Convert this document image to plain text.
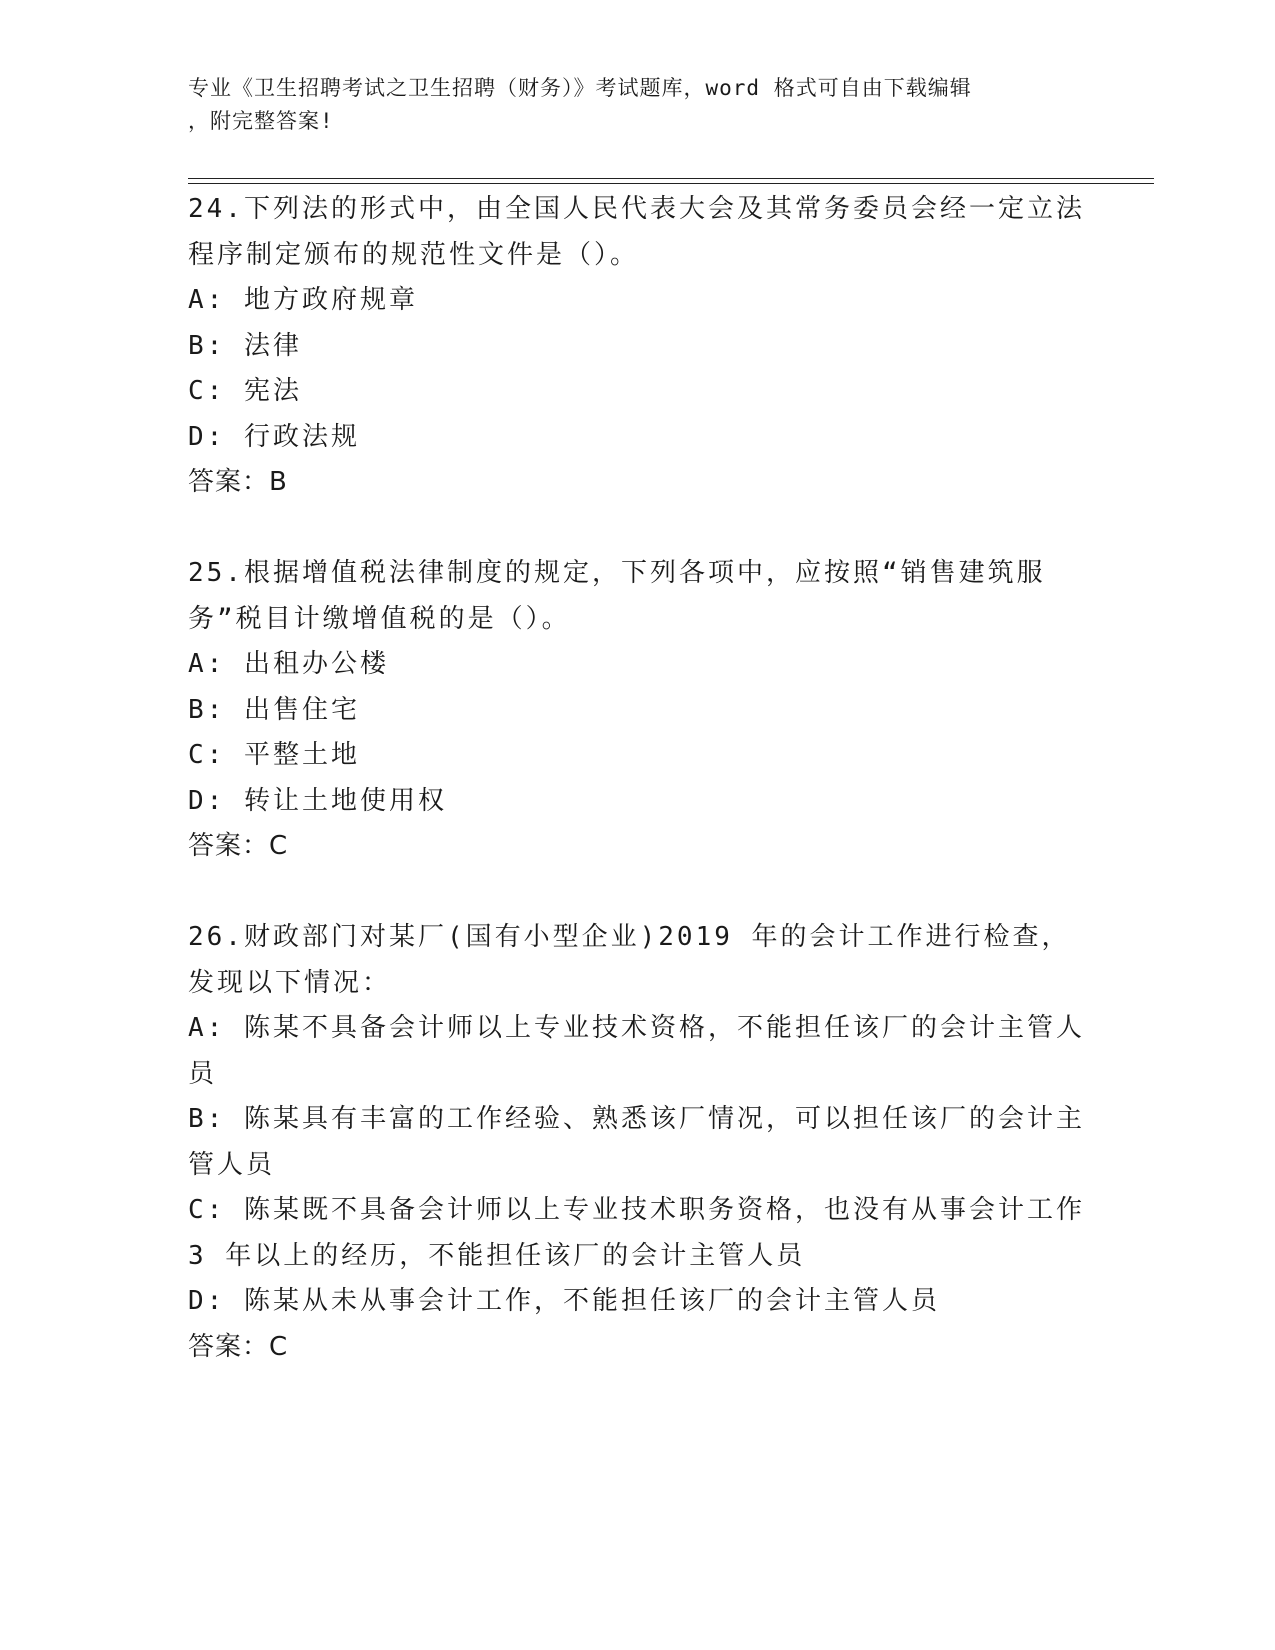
专业《卫生招聘考试之卫生招聘（财务）》考试题库，word 格式可自由下载编辑
，附完整答案!

24.下列法的形式中，由全国人民代表大会及其常务委员会经一定立法程序制定颁布的规范性文件是（）。

A: 地方政府规章

B: 法律

C: 宪法

D: 行政法规

答案：B

25.根据增值税法律制度的规定，下列各项中，应按照“销售建筑服务”税目计缴增值税的是（）。

A: 出租办公楼

B: 出售住宅

C: 平整土地

D: 转让土地使用权

答案：C

26.财政部门对某厂(国有小型企业)2019 年的会计工作进行检查，发现以下情况：

A: 陈某不具备会计师以上专业技术资格，不能担任该厂的会计主管人员

B: 陈某具有丰富的工作经验、熟悉该厂情况，可以担任该厂的会计主管人员

C: 陈某既不具备会计师以上专业技术职务资格，也没有从事会计工作 3 年以上的经历，不能担任该厂的会计主管人员

D: 陈某从未从事会计工作，不能担任该厂的会计主管人员

答案：C
